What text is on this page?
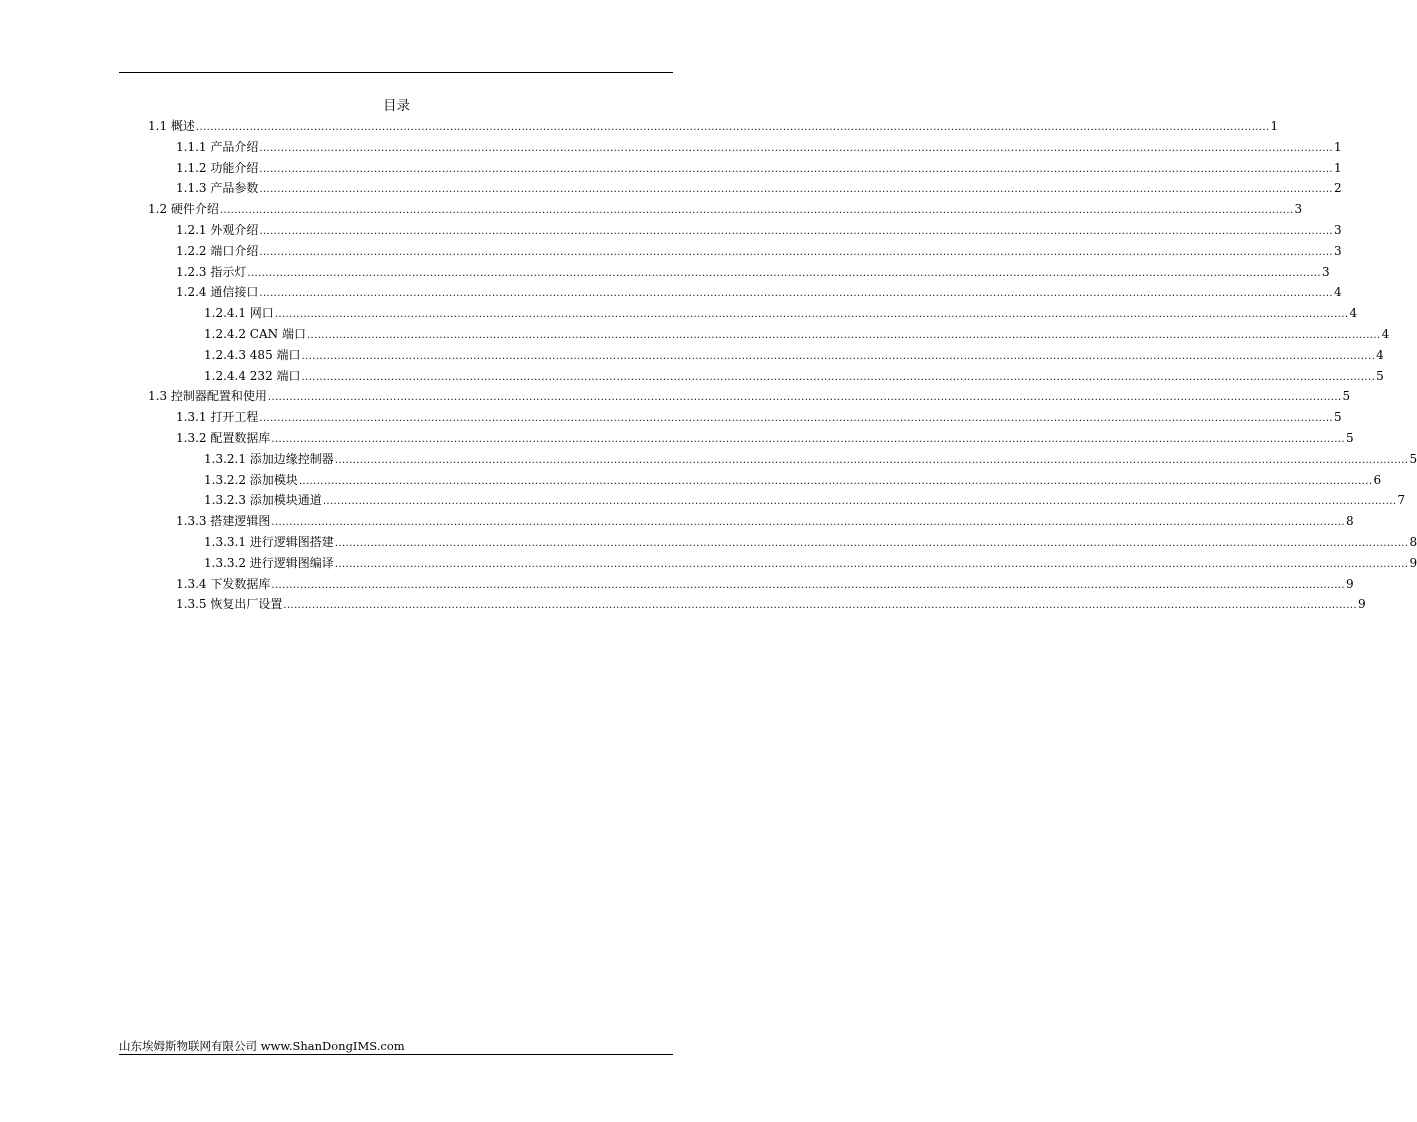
目录
1.1 概述 ............................................................................................................................................................................................................................................................................................................ 1
1.1.1 产品介绍 ............................................................................................................................................................................................................................................................................................................ 1
1.1.2 功能介绍 ............................................................................................................................................................................................................................................................................................................ 1
1.1.3 产品参数 ............................................................................................................................................................................................................................................................................................................ 2
1.2 硬件介绍 ............................................................................................................................................................................................................................................................................................................ 3
1.2.1 外观介绍 ............................................................................................................................................................................................................................................................................................................ 3
1.2.2 端口介绍 ............................................................................................................................................................................................................................................................................................................ 3
1.2.3 指示灯 ............................................................................................................................................................................................................................................................................................................ 3
1.2.4 通信接口 ............................................................................................................................................................................................................................................................................................................ 4
1.2.4.1 网口 ............................................................................................................................................................................................................................................................................................................ 4
1.2.4.2 CAN 端口 ............................................................................................................................................................................................................................................................................................................ 4
1.2.4.3 485 端口 ............................................................................................................................................................................................................................................................................................................ 4
1.2.4.4 232 端口 ............................................................................................................................................................................................................................................................................................................ 5
1.3 控制器配置和使用 ............................................................................................................................................................................................................................................................................................................ 5
1.3.1 打开工程 ............................................................................................................................................................................................................................................................................................................ 5
1.3.2 配置数据库 ............................................................................................................................................................................................................................................................................................................ 5
1.3.2.1 添加边缘控制器 ............................................................................................................................................................................................................................................................................................................ 5
1.3.2.2 添加模块 ............................................................................................................................................................................................................................................................................................................ 6
1.3.2.3 添加模块通道 ............................................................................................................................................................................................................................................................................................................ 7
1.3.3 搭建逻辑图 ............................................................................................................................................................................................................................................................................................................ 8
1.3.3.1 进行逻辑图搭建 ............................................................................................................................................................................................................................................................................................................ 8
1.3.3.2 进行逻辑图编译 ............................................................................................................................................................................................................................................................................................................ 9
1.3.4 下发数据库 ............................................................................................................................................................................................................................................................................................................ 9
1.3.5 恢复出厂设置 ............................................................................................................................................................................................................................................................................................................ 9
山东埃姆斯物联网有限公司 www.ShanDongIMS.com
